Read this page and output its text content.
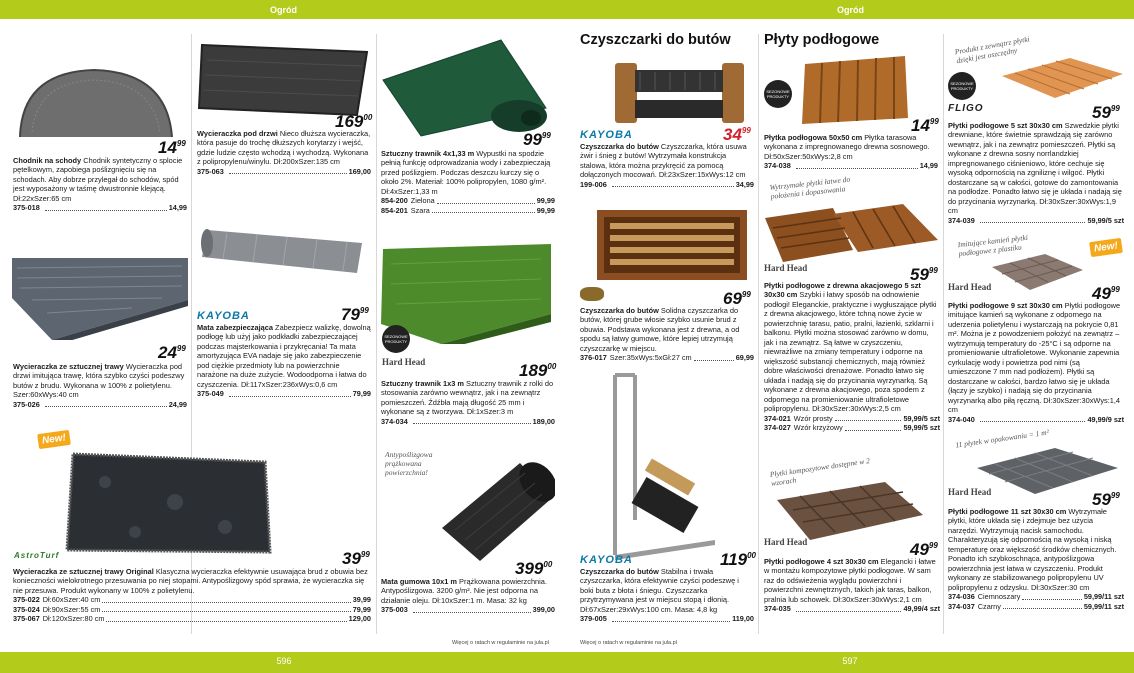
Ogród	Ogród
596	597
Więcej o ratach w regulaminie na jula.pl	Więcej o ratach w regulaminie na jula.pl
$14^{99}$
Chodnik na schody Chodnik syntetyczny o splocie pętelkowym, zapobiega poślizgnięciu się na schodach. Aby dobrze przylegał do schodów, spód jest wyposażony w taśmę dwustronnie klejącą. Dł:22xSzer:65 cm
375-018	14,99
$24^{99}$
Wycieraczka ze sztucznej trawy Wycieraczka pod drzwi imitująca trawę, która szybko czyści podeszwy butów z brudu. Wykonana w 100% z polietylenu. Szer:60xWys:40 cm
375-026	24,99
New!
AstroTurf	$39^{99}$
Wycieraczka ze sztucznej trawy Original Klasyczna wycieraczka efektywnie usuwająca brud z obuwia bez konieczności wielokrotnego przesuwania po niej stopami. Antypoślizgowy spód sprawia, że wycieraczka się nie przesuwa. Produkt wykonany w 100% z polietylenu.
375-022 Dł:60xSzer:40 cm	39,99
375-024 Dł:90xSzer:55 cm	79,99
375-067 Dł:120xSzer:80 cm	129,00
$169^{00}$
Wycieraczka pod drzwi Nieco dłuższa wycieraczka, która pasuje do trochę dłuższych korytarzy i wejść, gdzie ludzie często wchodzą i wychodzą. Wykonana z polipropylenu/winylu. Dł:200xSzer:135 cm
375-063	169,00
KAYOBA	$79^{99}$
Mata zabezpieczająca Zabezpiecz walizkę, dowolną podłogę lub użyj jako podkładki zabezpieczającej podczas majsterkowania i przykręcania! Ta mata amortyzująca EVA nadaje się jako zabezpieczenie pod ciężkie przedmioty lub na powierzchnie narażone na duże zużycie. Wodoodporna i łatwa do czyszczenia. Dł:117xSzer:236xWys:0,6 cm
375-049	79,99
$99^{99}$
Sztuczny trawnik 4x1,33 m Wypustki na spodzie pełnią funkcję odprowadzania wody i zabezpieczają przed poślizgiem. Podczas deszczu kurczy się o około 2%. Materiał: 100% polipropylen, 1080 g/m². Dł:4xSzer:1,33 m
854-200 Zielona	99,99
854-201 Szara	99,99
SEZONOWE PRODUKTY
Hard Head	$189^{00}$
Sztuczny trawnik 1x3 m Sztuczny trawnik z rolki do stosowania zarówno wewnątrz, jak i na zewnątrz pomieszczeń. Źdźbła mają długość 25 mm i wykonane są z tworzywa. Dł:1xSzer:3 m
374-034	189,00
Antypoślizgowa prążkowana powierzchnia!
$399^{00}$
Mata gumowa 10x1 m Prążkowana powierzchnia. Antypoślizgowa. 3200 g/m². Nie jest odporna na działanie oleju. Dł:10xSzer:1 m. Masa: 32 kg
375-003	399,00
Czyszczarki do butów
KAYOBA	$34^{99}$
Czyszczarka do butów Czyszczarka, która usuwa żwir i śnieg z butów! Wytrzymała konstrukcja stalowa, która można przykręcić za pomocą dołączonych mocowań. Dł:23xSzer:15xWys:12 cm
199-006	34,99
$69^{99}$
Czyszczarka do butów Solidna czyszczarka do butów, której grube włosie szybko usunie brud z obuwia. Podstawa wykonana jest z drewna, a od spodu są łatwy gumowe, które lepiej utrzymują czyszczarkę w miejscu.
376-017 Szer:35xWys:5xGł:27 cm	69,99
KAYOBA	$119^{00}$
Czyszczarka do butów Stabilna i trwała czyszczarka, która efektywnie czyści podeszwę i boki buta z błota i śniegu. Czyszczarka przytrzymywana jest w miejscu stopą i dłonią. Dł:67xSzer:29xWys:100 cm. Masa: 4,8 kg
379-005	119,00
Płyty podłogowe
SEZONOWE PRODUKTY
$14^{99}$
Płytka podłogowa 50x50 cm Płytka tarasowa wykonana z impregnowanego drewna sosnowego. Dł:50xSzer:50xWys:2,8 cm
374-038	14,99
Wytrzymałe płytki łatwe do położenia i dopasowania
Hard Head	$59^{99}$
Płytki podłogowe z drewna akacjowego 5 szt 30x30 cm Szybki i łatwy sposób na odnowienie podłogi! Eleganckie, praktyczne i wygłuszające płytki z drewna akacjowego, które tchną nowe życie w powierzchnię tarasu, patio, pralni, łazienki, szklarni i balkonu. Płytki można stosować zarówno w domu, jak i na zewnątrz. Są łatwe w czyszczeniu, niewrażliwe na zmiany temperatury i odporne na większość substancji chemicznych, mają również dobre właściwości drenażowe. Ponadto łatwo się układa i nadają się do przycinania wyrzynarką. Są wykonane z drewna akacjowego, poza spodem z odpornego na promieniowanie ultrafioletowe polipropylenu. Dł:30xSzer:30xWys:2,5 cm
374-021 Wzór prosty	59,99/5 szt
374-027 Wzór krzyżowy	59,99/5 szt
Płytki kompozytowe dostępne w 2 wzorach
Hard Head	$49^{99}$
Płytki podłogowe 4 szt 30x30 cm Elegancki i łatwe w montażu kompozytowe płytki podłogowe. W sam raz do odświeżenia wyglądu powierzchni i powierzchni zewnętrznych, takich jak taras, balkon, pralnia lub schowek. Dł:30xSzer:30xWys:2,1 cm
374-035	49,99/4 szt
Produkt z zewnątrz płytki dzięki jest oszczędny
SEZONOWE PRODUKTY
FLIGO	$59^{99}$
Płytki podłogowe 5 szt 30x30 cm Szwedzkie płytki drewniane, które świetnie sprawdzają się zarówno wewnątrz, jak i na zewnątrz pomieszczeń. Płytki są wykonane z drewna sosny norrlandzkiej impregnowanego ciśnieniowo, które cechuje się wysoką odpornością na zgniliznę i wilgoć. Płytki dostarczane są w całości, gotowe do zamontowania na podłodze. Ponadto łatwo się je układa i nadają się do przycinania wyrzynarką. Dł:30xSzer:30xWys:1,9 cm
374-039	59,99/5 szt
Imitujące kamień płytki podłogowe z plastiku	New!
Hard Head	$49^{99}$
Płytki podłogowe 9 szt 30x30 cm Płytki podłogowe imitujące kamień są wykonane z odpornego na uderzenia polietylenu i wystarczają na pokrycie 0,81 m². Można je z powodzeniem położyć na zewnątrz – wytrzymują temperatury do -25°C i są odporne na promieniowanie ultrafioletowe. Wykonanie zapewnia cyrkulację wody i powietrza pod nimi (są umieszczone 7 mm nad podłożem). Płytki są dostarczane w całości, bardzo łatwo się je układa (łączy je szybko) i nadają się do przycinania wyrzynarką albo piłą ręczną. Dł:30xSzer:30xWys:1,4 cm
374-040	49,99/9 szt
11 płytek w opakowaniu = 1 m²
Hard Head	$59^{99}$
Płytki podłogowe 11 szt 30x30 cm Wytrzymałe płytki, które układa się i zdejmuje bez użycia narzędzi. Wytrzymują nacisk samochodu. Charakteryzują się odpornością na wysoką i niską temperaturę oraz większość środków chemicznych. Ponadto ich szybkoschnąca, antypoślizgowa powierzchnia jest łatwa w czyszczeniu. Produkt wykonany ze stabilizowanego polipropylenu UV polipropylenu z odzysku. Dł:30xSzer:30 cm
374-036 Ciemnoszary	59,99/11 szt
374-037 Czarny	59,99/11 szt
